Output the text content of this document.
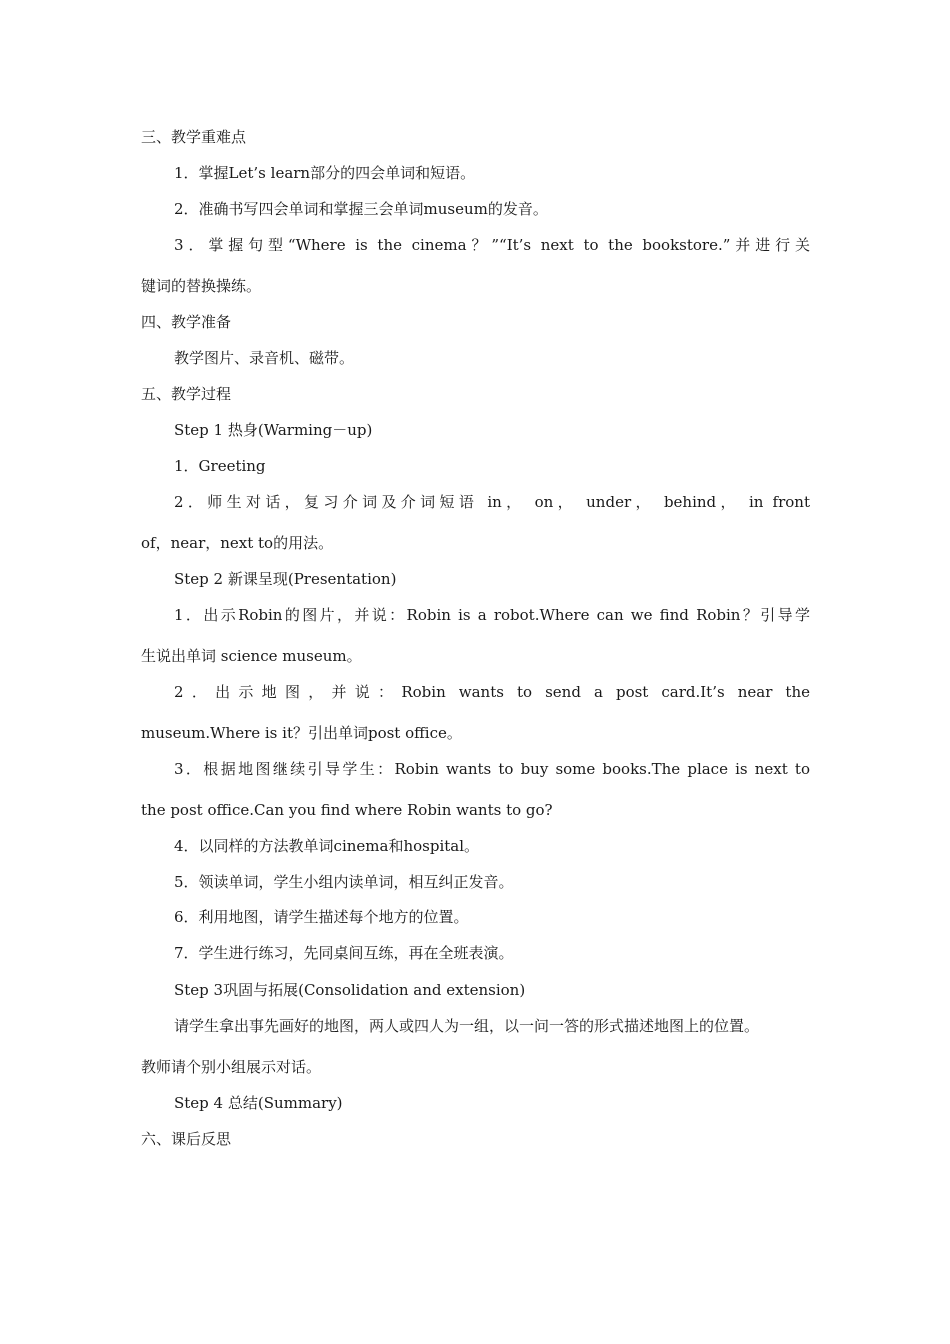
三、教学重难点
1．掌握Let’s learn部分的四会单词和短语。
2．准确书写四会单词和掌握三会单词museum的发音。
3．掌握句型“Where is the cinema？”“It’s next to the bookstore.”并进行关
键词的替换操练。
四、教学准备
教学图片、录音机、磁带。
五、教学过程
Step 1 热身(Warming－up)
1．Greeting
2．师生对话，复习介词及介词短语 in， on， under， behind， in front
of，near，next to的用法。
Step 2 新课呈现(Presentation)
1．出示Robin的图片，并说：Robin is a robot.Where can we find Robin？引导学
生说出单词 science museum。
2．出示地图，并说：Robin wants to send a post card.It’s near the
museum.Where is it？引出单词post office。
3．根据地图继续引导学生：Robin wants to buy some books.The place is next to
the post office.Can you find where Robin wants to go?
4．以同样的方法教单词cinema和hospital。
5．领读单词，学生小组内读单词，相互纠正发音。
6．利用地图，请学生描述每个地方的位置。
7．学生进行练习，先同桌间互练，再在全班表演。
Step 3巩固与拓展(Consolidation and extension)
请学生拿出事先画好的地图，两人或四人为一组，以一问一答的形式描述地图上的位置。
教师请个别小组展示对话。
Step 4 总结(Summary)
六、课后反思
